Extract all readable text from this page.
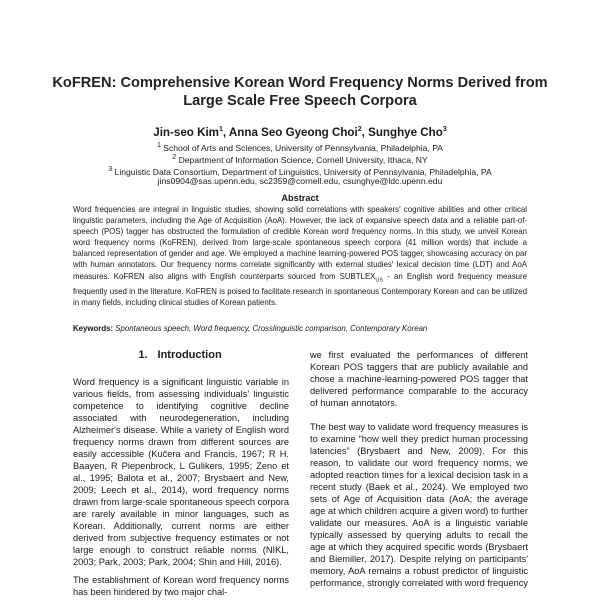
KoFREN: Comprehensive Korean Word Frequency Norms Derived from Large Scale Free Speech Corpora
Jin-seo Kim$^1$, Anna Seo Gyeong Choi$^2$, Sunghye Cho$^3$
$^1$ School of Arts and Sciences, University of Pennsylvania, Philadelphia, PA
$^2$ Department of Information Science, Cornell University, Ithaca, NY
$^3$ Linguistic Data Consortium, Department of Linguistics, University of Pennsylvania, Philadelphia, PA
jins0904@sas.upenn.edu, sc2359@cornell.edu, csunghye@ldc.upenn.edu
Abstract
Word frequencies are integral in linguistic studies, showing solid correlations with speakers' cognitive abilities and other critical linguistic parameters, including the Age of Acquisition (AoA). However, the lack of expansive speech data and a reliable part-of-speech (POS) tagger has obstructed the formulation of credible Korean word frequency norms. In this study, we unveil Korean word frequency norms (KoFREN), derived from large-scale spontaneous speech corpora (41 million words) that include a balanced representation of gender and age. We employed a machine learning-powered POS tagger, showcasing accuracy on par with human annotators. Our frequency norms correlate significantly with external studies' lexical decision time (LDT) and AoA measures. KoFREN also aligns with English counterparts sourced from $SUBTLEX_{US}$ - an English word frequency measure frequently used in the literature. KoFREN is poised to facilitate research in spontaneous Contemporary Korean and can be utilized in many fields, including clinical studies of Korean patients.
Keywords: Spontaneous speech, Word frequency, Crosslinguistic comparison, Contemporary Korean
1. Introduction

Word frequency is a significant linguistic variable in various fields, from assessing individuals' linguistic competence to identifying cognitive decline associated with neurodegeneration, including Alzheimer's disease. While a variety of English word frequency norms drawn from different sources are easily accessible (Kučera and Francis, 1967; R H. Baayen, R Piepenbrock, L Gulikers, 1995; Zeno et al., 1995; Balota et al., 2007; Brysbaert and New, 2009; Leech et al., 2014), word frequency norms drawn from large-scale spontaneous speech corpora are rarely available in minor languages, such as Korean. Additionally, current norms are either derived from subjective frequency estimates or not large enough to construct reliable norms (NIKL, 2003; Park, 2003; Park, 2004; Shin and Hill, 2016).

The establishment of Korean word frequency norms has been hindered by two major chal-

we first evaluated the performances of different Korean POS taggers that are publicly available and chose a machine-learning-powered POS tagger that delivered performance comparable to the accuracy of human annotators.

The best way to validate word frequency measures is to examine “how well they predict human processing latencies” (Brysbaert and New, 2009). For this reason, to validate our word frequency norms, we adopted reaction times for a lexical decision task in a recent study (Baek et al., 2024). We employed two sets of Age of Acquisition data (AoA; the average age at which children acquire a given word) to further validate our measures. AoA is a linguistic variable typically assessed by querying adults to recall the age at which they acquired specific words (Brysbaert and Biemiller, 2017). Despite relying on participants' memory, AoA remains a robust predictor of linguistic performance, strongly correlated with word frequency
